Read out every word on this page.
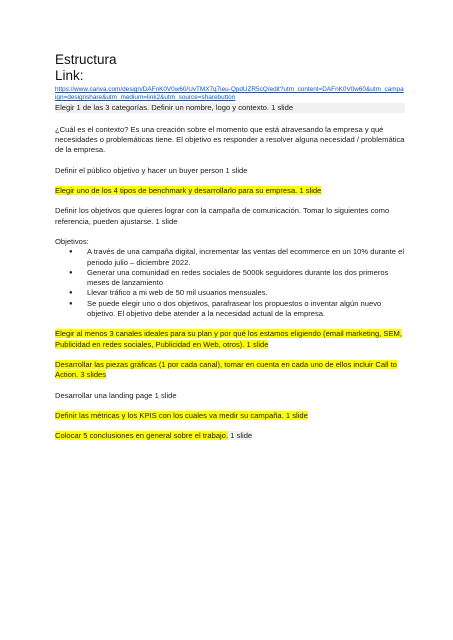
Estructura
Link:
https://www.canva.com/design/DAFnK0V0w60/UvTMX7q7ieu-QpdUZR5cQ/edit?utm_content=DAFnK0V0w60&utm_campaign=designshare&utm_medium=link2&utm_source=sharebutton

Elegir 1 de las 3 categorías. Definir un nombre, logo y contexto. 1 slide

¿Cuál es el contexto? Es una creación sobre el momento que está atravesando la empresa y qué necesidades o problemáticas tiene. El objetivo es responder a resolver alguna necesidad / problemática de la empresa.

Definir el público objetivo y hacer un buyer person 1 slide

Elegir uno de los 4 tipos de benchmark y desarrollarlo para su empresa. 1 slide

Definir los objetivos que quieres lograr con la campaña de comunicación. Tomar lo siguientes como referencia, pueden ajustarse. 1 slide

Objetivos:

● A través de una campaña digital, incrementar las ventas del ecommerce en un 10% durante el periodo julio – diciembre 2022.
● Generar una comunidad en redes sociales de 5000k seguidores durante los dos primeros meses de lanzamiento
● Llevar tráfico a mi web de 50 mil usuarios mensuales.
● Se puede elegir uno o dos objetivos, parafrasear los propuestos o inventar algún nuevo objetivo. El objetivo debe atender a la necesidad actual de la empresa.

Elegir al menos 3 canales ideales para su plan y por qué los estamos eligiendo (email marketing, SEM, Publicidad en redes sociales, Publicidad en Web, otros). 1 slide

Desarrollar las piezas gráficas (1 por cada canal), tomar en cuenta en cada uno de ellos incluir Call to Action. 3 slides

Desarrollar una landing page 1 slide

Definir las métricas y los KPIS con los cuales va medir su campaña. 1 slide

Colocar 5 conclusiones en general sobre el trabajo. 1 slide
